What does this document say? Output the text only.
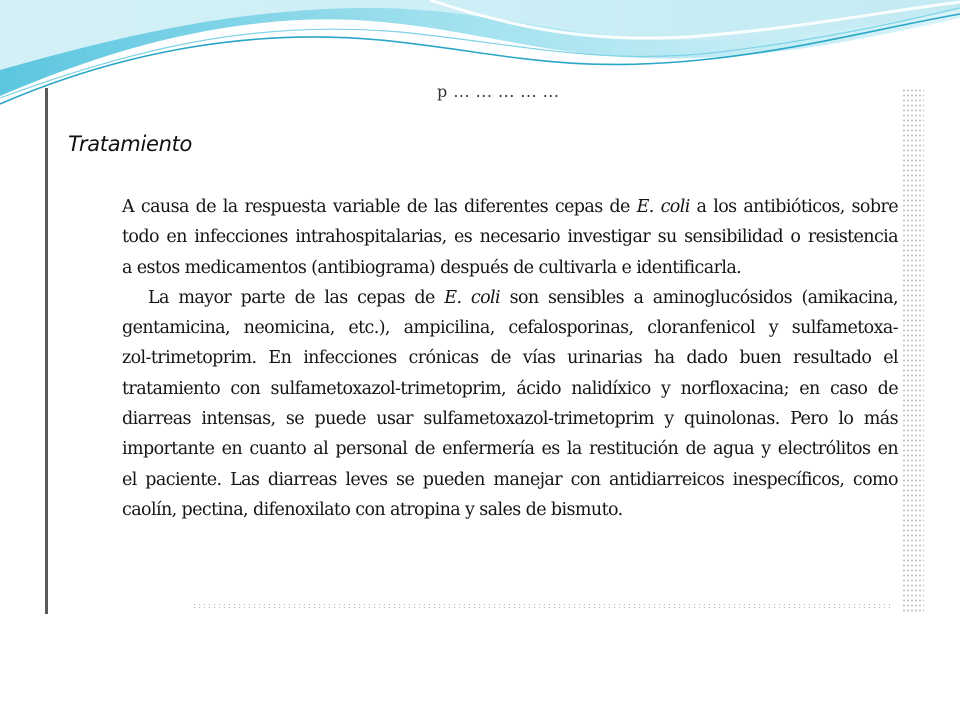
p ... ... ... ... ...
Tratamiento
A causa de la respuesta variable de las diferentes cepas de E. coli a los antibióticos, sobre
todo en infecciones intrahospitalarias, es necesario investigar su sensibilidad o resistencia
a estos medicamentos (antibiograma) después de cultivarla e identificarla.
La mayor parte de las cepas de E. coli son sensibles a aminoglucósidos (amikacina,
gentamicina, neomicina, etc.), ampicilina, cefalosporinas, cloranfenicol y sulfametoxa-
zol-trimetoprim. En infecciones crónicas de vías urinarias ha dado buen resultado el
tratamiento con sulfametoxazol-trimetoprim, ácido nalidíxico y norfloxacina; en caso de
diarreas intensas, se puede usar sulfametoxazol-trimetoprim y quinolonas. Pero lo más
importante en cuanto al personal de enfermería es la restitución de agua y electrólitos en
el paciente. Las diarreas leves se pueden manejar con antidiarreicos inespecíficos, como
caolín, pectina, difenoxilato con atropina y sales de bismuto.
